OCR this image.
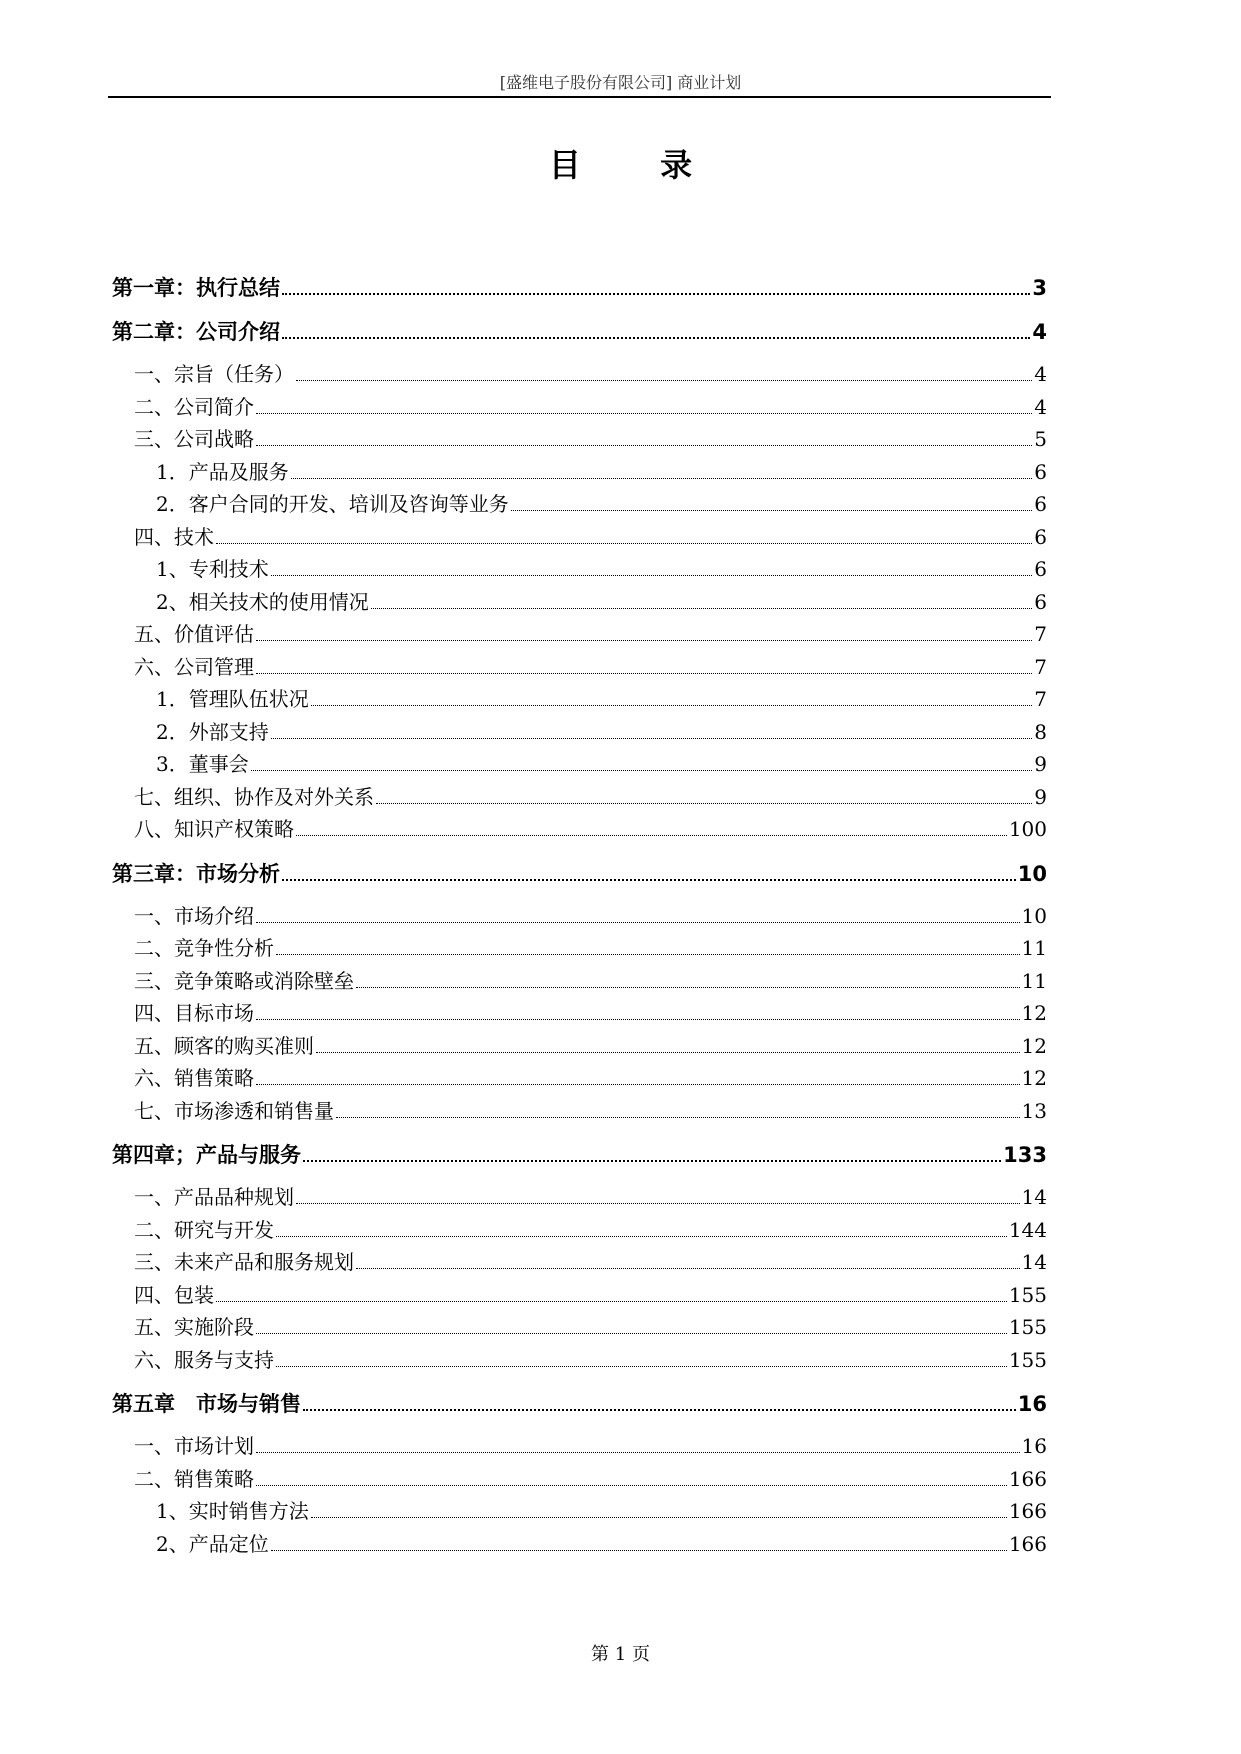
[盛维电子股份有限公司] 商业计划
目 录
第一章：执行总结	3
第二章：公司介绍	4
一、宗旨（任务）	4
二、公司简介	4
三、公司战略	5
1．产品及服务	6
2．客户合同的开发、培训及咨询等业务	6
四、技术	6
1、专利技术	6
2、相关技术的使用情况	6
五、价值评估	7
六、公司管理	7
1．管理队伍状况	7
2．外部支持	8
3．董事会	9
七、组织、协作及对外关系	9
八、知识产权策略	100
第三章：市场分析	10
一、市场介绍	10
二、竞争性分析	11
三、竞争策略或消除壁垒	11
四、目标市场	12
五、顾客的购买准则	12
六、销售策略	12
七、市场渗透和销售量	13
第四章；产品与服务	133
一、产品品种规划	14
二、研究与开发	144
三、未来产品和服务规划	14
四、包装	155
五、实施阶段	155
六、服务与支持	155
第五章　市场与销售	16
一、市场计划	16
二、销售策略	166
1、实时销售方法	166
2、产品定位	166
第 1 页
